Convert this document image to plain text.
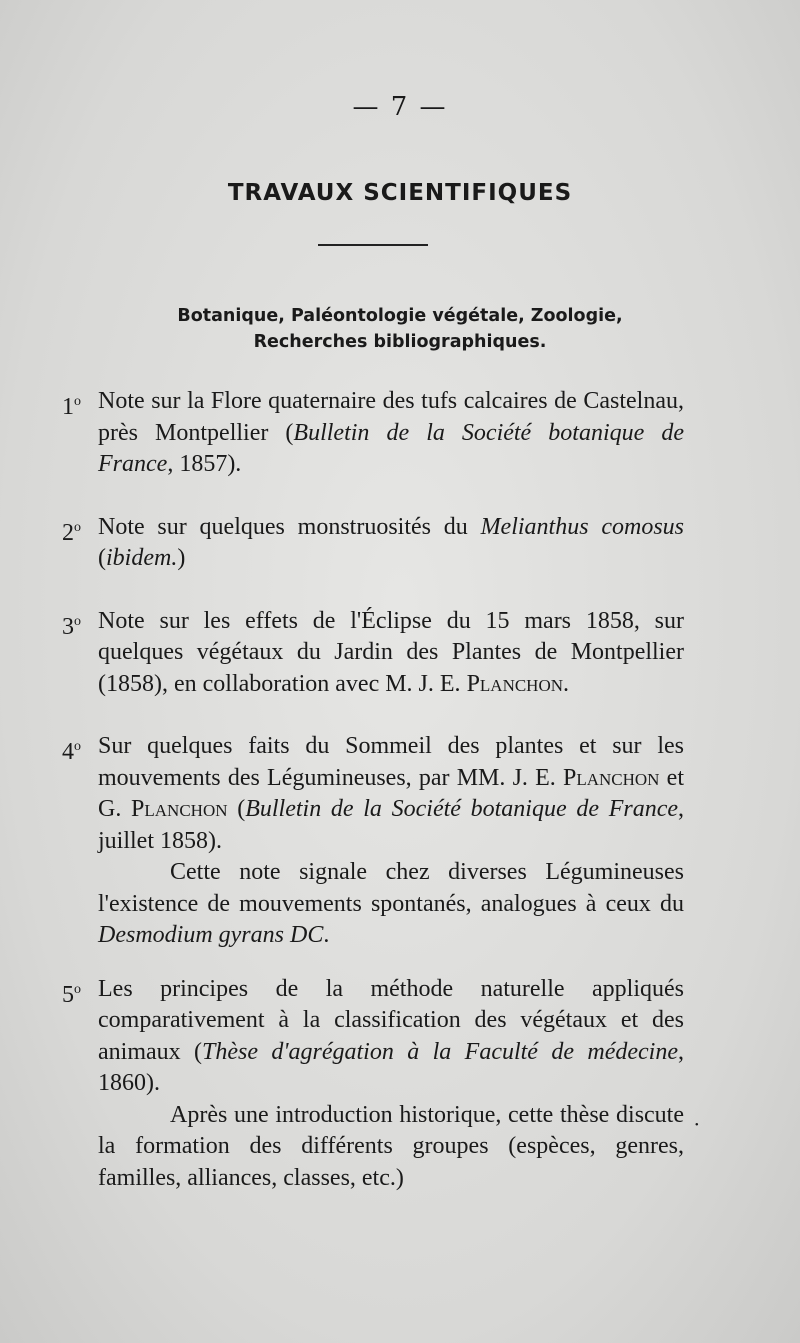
— 7 —
TRAVAUX SCIENTIFIQUES
Botanique, Paléontologie végétale, Zoologie,
Recherches bibliographiques.
1$^o$ Note sur la Flore quaternaire des tufs calcaires de Castelnau, près Montpellier (Bulletin de la Société botanique de France, 1857).
2$^o$ Note sur quelques monstruosités du Melianthus comosus (ibidem.)
3$^o$ Note sur les effets de l'Éclipse du 15 mars 1858, sur quelques végétaux du Jardin des Plantes de Montpellier (1858), en collaboration avec M. J. E. Planchon.
4$^o$ Sur quelques faits du Sommeil des plantes et sur les mouvements des Légumineuses, par MM. J. E. Planchon et G. Planchon (Bulletin de la Société botanique de France, juillet 1858).
Cette note signale chez diverses Légumineuses l'existence de mouvements spontanés, analogues à ceux du Desmodium gyrans DC.
5$^o$ Les principes de la méthode naturelle appliqués comparativement à la classification des végétaux et des animaux (Thèse d'agrégation à la Faculté de médecine, 1860).
Après une introduction historique, cette thèse discute la formation des différents groupes (espèces, genres, familles, alliances, classes, etc.)
·
